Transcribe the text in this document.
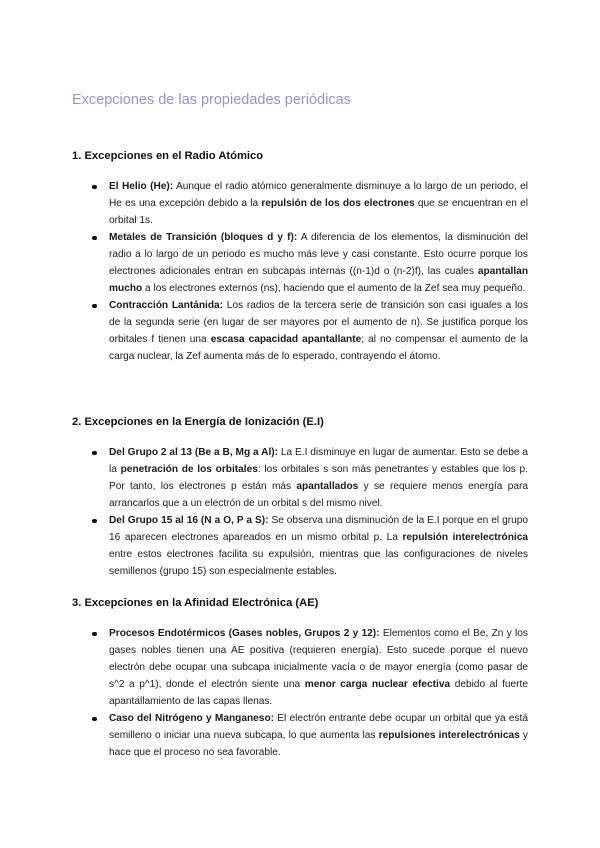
Excepciones de las propiedades periódicas
1. Excepciones en el Radio Atómico
El Helio (He): Aunque el radio atómico generalmente disminuye a lo largo de un periodo, el He es una excepción debido a la repulsión de los dos electrones que se encuentran en el orbital 1s.
Metales de Transición (bloques d y f): A diferencia de los elementos, la disminución del radio a lo largo de un periodo es mucho más leve y casi constante. Esto ocurre porque los electrones adicionales entran en subcapas internas ((n-1)d o (n-2)f), las cuales apantallan mucho a los electrones externos (ns), haciendo que el aumento de la Zef sea muy pequeño.
Contracción Lantánida: Los radios de la tercera serie de transición son casi iguales a los de la segunda serie (en lugar de ser mayores por el aumento de n). Se justifica porque los orbitales f tienen una escasa capacidad apantallante; al no compensar el aumento de la carga nuclear, la Zef aumenta más de lo esperado, contrayendo el átomo.
2. Excepciones en la Energía de Ionización (E.I)
Del Grupo 2 al 13 (Be a B, Mg a Al): La E.I disminuye en lugar de aumentar. Esto se debe a la penetración de los orbitales: los orbitales s son más penetrantes y estables que los p. Por tanto, los electrones p están más apantallados y se requiere menos energía para arrancarlos que a un electrón de un orbital s del mismo nivel.
Del Grupo 15 al 16 (N a O, P a S): Se observa una disminución de la E.I porque en el grupo 16 aparecen electrones apareados en un mismo orbital p. La repulsión interelectrónica entre estos electrones facilita su expulsión, mientras que las configuraciones de niveles semillenos (grupo 15) son especialmente estables.
3. Excepciones en la Afinidad Electrónica (AE)
Procesos Endotérmicos (Gases nobles, Grupos 2 y 12): Elementos como el Be, Zn y los gases nobles tienen una AE positiva (requieren energía). Esto sucede porque el nuevo electrón debe ocupar una subcapa inicialmente vacía o de mayor energía (como pasar de s^2 a p^1), donde el electrón siente una menor carga nuclear efectiva debido al fuerte apantallamiento de las capas llenas.
Caso del Nitrógeno y Manganeso: El electrón entrante debe ocupar un orbital que ya está semilleno o iniciar una nueva subcapa, lo que aumenta las repulsiones interelectrónicas y hace que el proceso no sea favorable.
